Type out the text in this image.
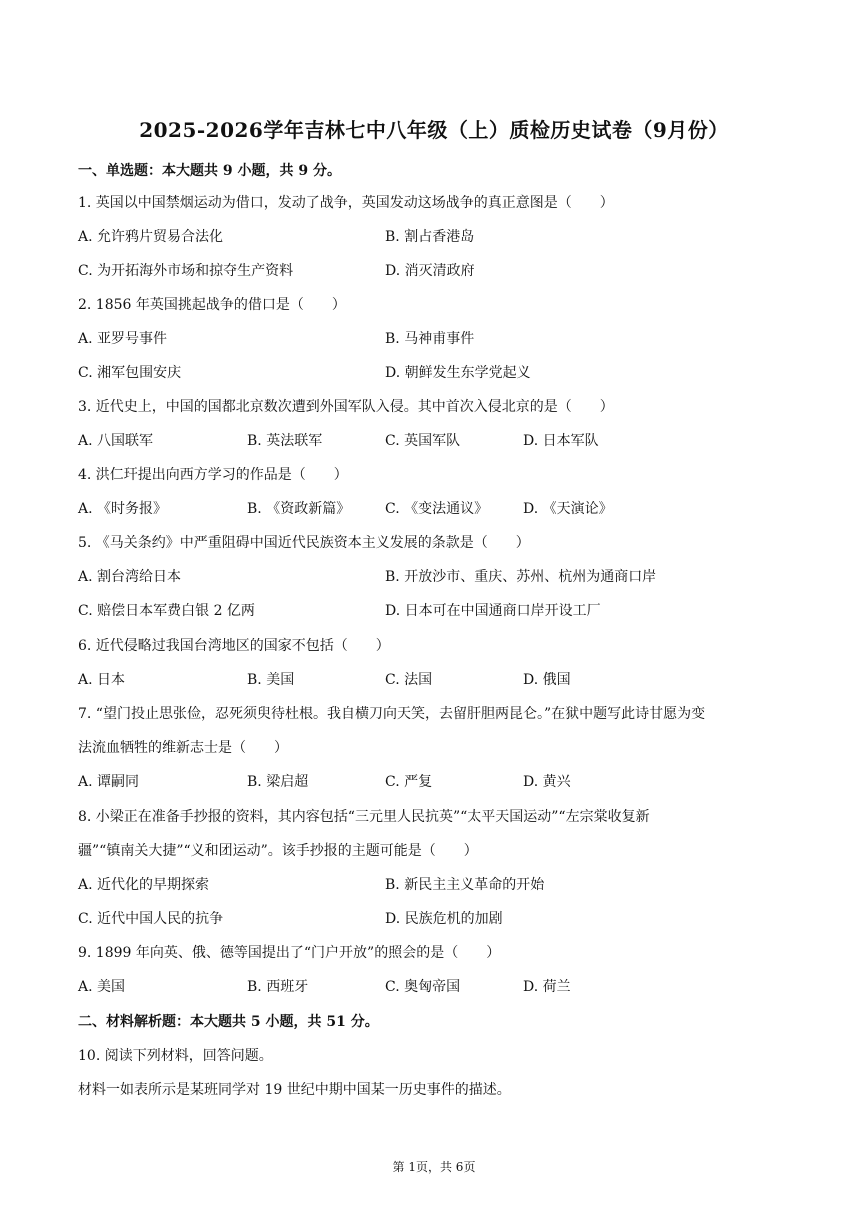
2025-2026学年吉林七中八年级（上）质检历史试卷（9月份）
一、单选题：本大题共 9 小题，共 9 分。
1. 英国以中国禁烟运动为借口，发动了战争，英国发动这场战争的真正意图是（　　）
A. 允许鸦片贸易合法化	B. 割占香港岛
C. 为开拓海外市场和掠夺生产资料	D. 消灭清政府
2. 1856 年英国挑起战争的借口是（　　）
A. 亚罗号事件	B. 马神甫事件
C. 湘军包围安庆	D. 朝鲜发生东学党起义
3. 近代史上，中国的国都北京数次遭到外国军队入侵。其中首次入侵北京的是（　　）
A. 八国联军	B. 英法联军	C. 英国军队	D. 日本军队
4. 洪仁玕提出向西方学习的作品是（　　）
A. 《时务报》	B. 《资政新篇》 C. 《变法通议》 D. 《天演论》
5. 《马关条约》中严重阻碍中国近代民族资本主义发展的条款是（　　）
A. 割台湾给日本	B. 开放沙市、重庆、苏州、杭州为通商口岸
C. 赔偿日本军费白银 2 亿两	D. 日本可在中国通商口岸开设工厂
6. 近代侵略过我国台湾地区的国家不包括（　　）
A. 日本	B. 美国	C. 法国	D. 俄国
7. “望门投止思张俭，忍死须臾待杜根。我自横刀向天笑，去留肝胆两昆仑。”在狱中题写此诗甘愿为变
法流血牺牲的维新志士是（　　）
A. 谭嗣同	B. 梁启超	C. 严复	D. 黄兴
8. 小梁正在准备手抄报的资料，其内容包括“三元里人民抗英”“太平天国运动”“左宗棠收复新
疆”“镇南关大捷”“义和团运动”。该手抄报的主题可能是（　　）
A. 近代化的早期探索	B. 新民主主义革命的开始
C. 近代中国人民的抗争	D. 民族危机的加剧
9. 1899 年向英、俄、德等国提出了“门户开放”的照会的是（　　）
A. 美国	B. 西班牙	C. 奥匈帝国	D. 荷兰
二、材料解析题：本大题共 5 小题，共 51 分。
10. 阅读下列材料，回答问题。
材料一如表所示是某班同学对 19 世纪中期中国某一历史事件的描述。
第 1页，共 6页
